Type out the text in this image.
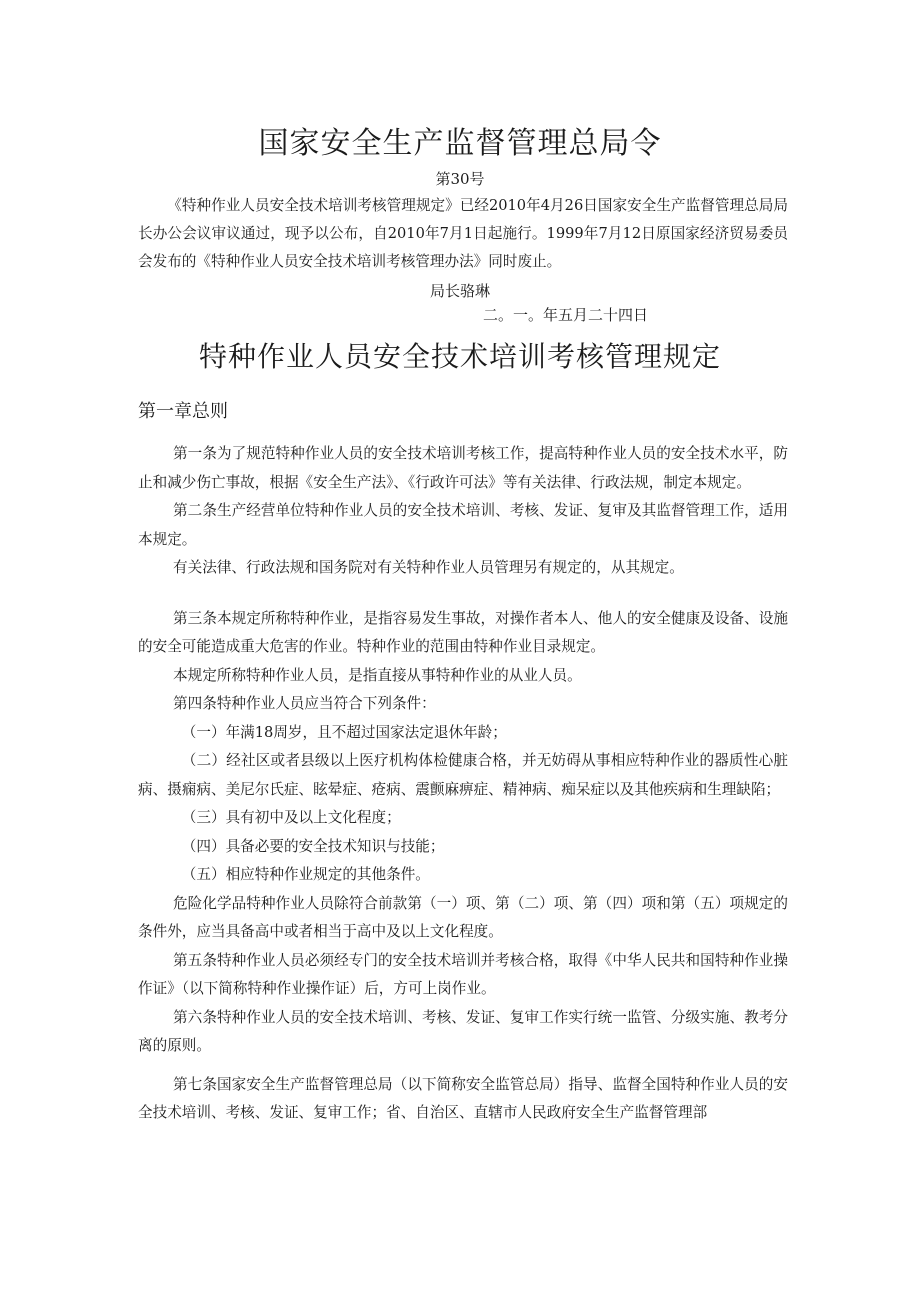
国家安全生产监督管理总局令

第30号

《特种作业人员安全技术培训考核管理规定》已经2010年4月26日国家安全生产监督管理总局局长办公会议审议通过，现予以公布，自2010年7月1日起施行。1999年7月12日原国家经济贸易委员会发布的《特种作业人员安全技术培训考核管理办法》同时废止。

局长骆琳

二。一。年五月二十四日

特种作业人员安全技术培训考核管理规定
第一章总则

第一条为了规范特种作业人员的安全技术培训考核工作，提高特种作业人员的安全技术水平，防止和减少伤亡事故，根据《安全生产法》、《行政许可法》等有关法律、行政法规，制定本规定。

第二条生产经营单位特种作业人员的安全技术培训、考核、发证、复审及其监督管理工作，适用本规定。

有关法律、行政法规和国务院对有关特种作业人员管理另有规定的，从其规定。

第三条本规定所称特种作业，是指容易发生事故，对操作者本人、他人的安全健康及设备、设施的安全可能造成重大危害的作业。特种作业的范围由特种作业目录规定。

本规定所称特种作业人员，是指直接从事特种作业的从业人员。

第四条特种作业人员应当符合下列条件：

（一）年满18周岁，且不超过国家法定退休年龄；

（二）经社区或者县级以上医疗机构体检健康合格，并无妨碍从事相应特种作业的器质性心脏病、摄痫病、美尼尔氏症、眩晕症、疮病、震颤麻痹症、精神病、痴呆症以及其他疾病和生理缺陷；

（三）具有初中及以上文化程度；

（四）具备必要的安全技术知识与技能；

（五）相应特种作业规定的其他条件。

危险化学品特种作业人员除符合前款第（一）项、第（二）项、第（四）项和第（五）项规定的条件外，应当具备高中或者相当于高中及以上文化程度。

第五条特种作业人员必须经专门的安全技术培训并考核合格，取得《中华人民共和国特种作业操作证》（以下简称特种作业操作证）后，方可上岗作业。

第六条特种作业人员的安全技术培训、考核、发证、复审工作实行统一监管、分级实施、教考分离的原则。

第七条国家安全生产监督管理总局（以下简称安全监管总局）指导、监督全国特种作业人员的安全技术培训、考核、发证、复审工作；省、自治区、直辖市人民政府安全生产监督管理部
